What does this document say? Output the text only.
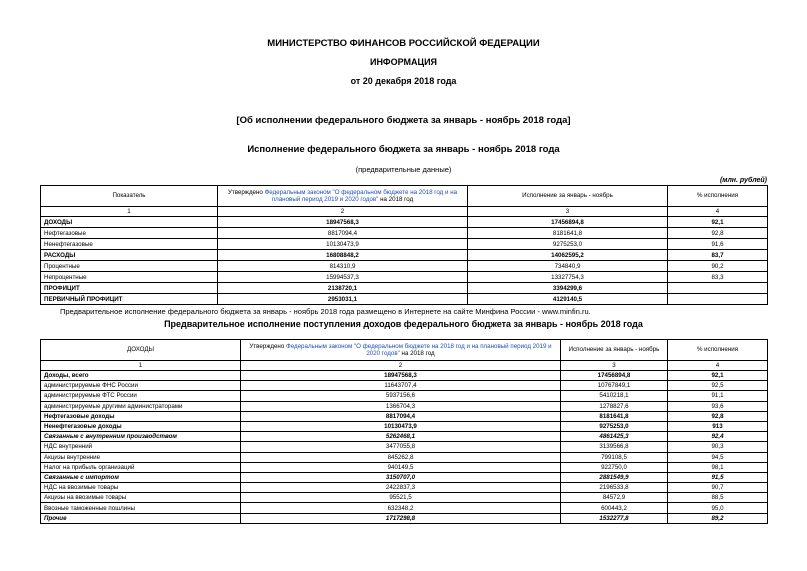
МИНИСТЕРСТВО ФИНАНСОВ РОССИЙСКОЙ ФЕДЕРАЦИИ
ИНФОРМАЦИЯ
от 20 декабря 2018 года
[Об исполнении федерального бюджета за январь - ноябрь 2018 года]
Исполнение федерального бюджета за январь - ноябрь 2018 года
(предварительные данные)
(млн. рублей)
Показатель	Утверждено Федеральным законом "О федеральном бюджете на 2018 год и на плановый период 2019 и 2020 годов" на 2018 год	Исполнение за январь - ноябрь	% исполнения
1	2	3	4
ДОХОДЫ	18947568,3	17456894,8	92,1
Нефтегазовые	8817094,4	8181641,8	92,8
Ненефтегазовые	10130473,9	9275253,0	91,6
РАСХОДЫ	16808848,2	14062595,2	83,7
Процентные	814310,9	734840,9	90,2
Непроцентные	15994537,3	13327754,3	83,3
ПРОФИЦИТ	2138720,1	3394299,6	
ПЕРВИЧНЫЙ ПРОФИЦИТ	2953031,1	4129140,5	
Предварительное исполнение федерального бюджета за январь - ноябрь 2018 года размещено в Интернете на сайте Минфина России - www.minfin.ru.
Предварительное исполнение поступления доходов федерального бюджета за январь - ноябрь 2018 года
ДОХОДЫ	Утверждено Федеральным законом "О федеральном бюджете на 2018 год и на плановый период 2019 и 2020 годов" на 2018 год	Исполнение за январь - ноябрь	% исполнения
1	2	3	4
Доходы, всего	18947568,3	17456894,8	92,1
администрируемые ФНС России	11643707,4	10767849,1	92,5
администрируемые ФТС России	5937156,6	5410218,1	91,1
администрируемые другими администраторами	1366704,3	1278827,6	93,6
Нефтегазовые доходы	8817094,4	8181641,8	92,8
Ненефтегазовые доходы	10130473,9	9275253,0	913
Связанные с внутренним производством	5262468,1	4861425,3	92,4
НДС внутренний	3477055,8	3139566,8	90,3
Акцизы внутренние	845262,8	799108,5	94,5
Налог на прибыль организаций	940149,5	922750,0	98,1
Связанные с импортом	3150707,0	2881549,9	91,5
НДС на ввозимые товары	2422837,3	2196533,8	90,7
Акцизы на ввозимые товары	95521,5	84572,9	88,5
Ввозные таможенные пошлины	632348,2	600443,2	95,0
Прочие	1717298,8	1532277,8	89,2
